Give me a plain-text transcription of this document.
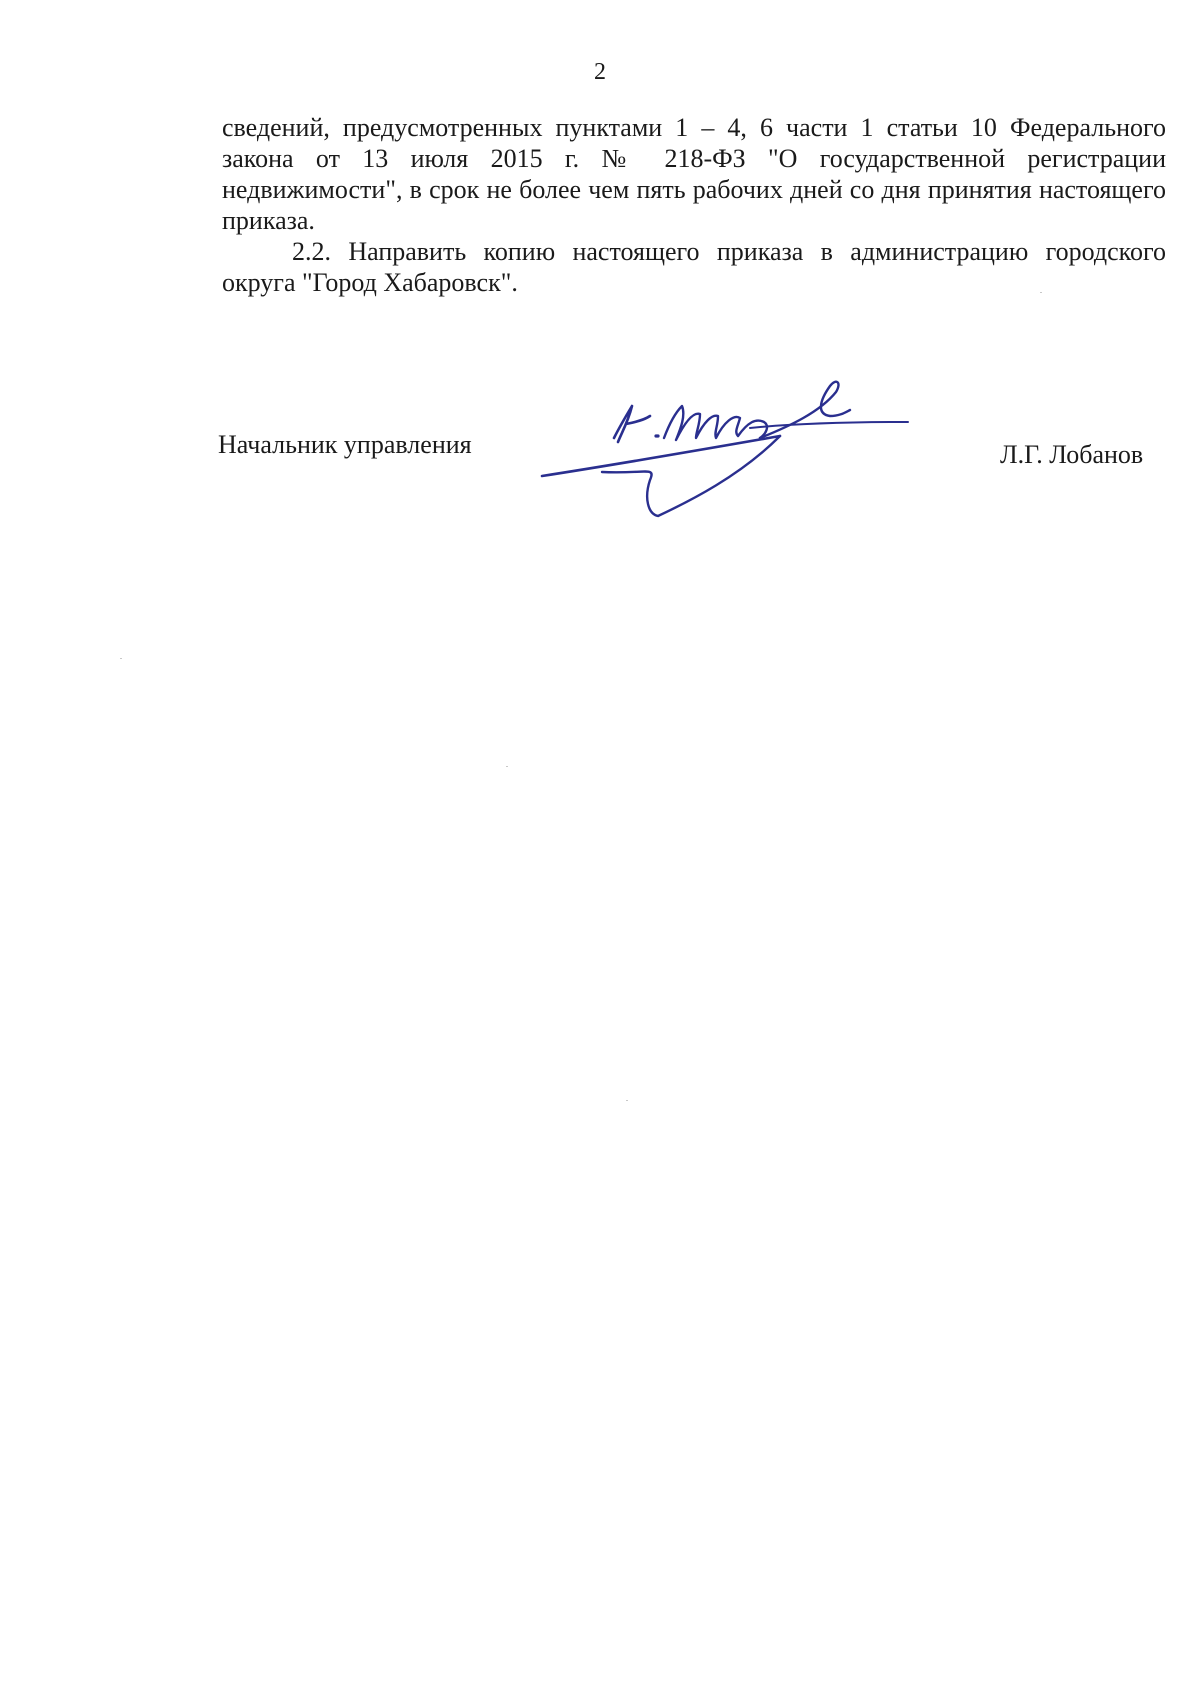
2

сведений, предусмотренных пунктами 1 – 4, 6 части 1 статьи 10 Федерального закона от 13 июля 2015 г. № 218-ФЗ "О государственной регистрации недвижимости", в срок не более чем пять рабочих дней со дня принятия настоящего приказа.

2.2. Направить копию настоящего приказа в администрацию городского округа "Город Хабаровск".

Начальник управления	Л.Г. Лобанов
